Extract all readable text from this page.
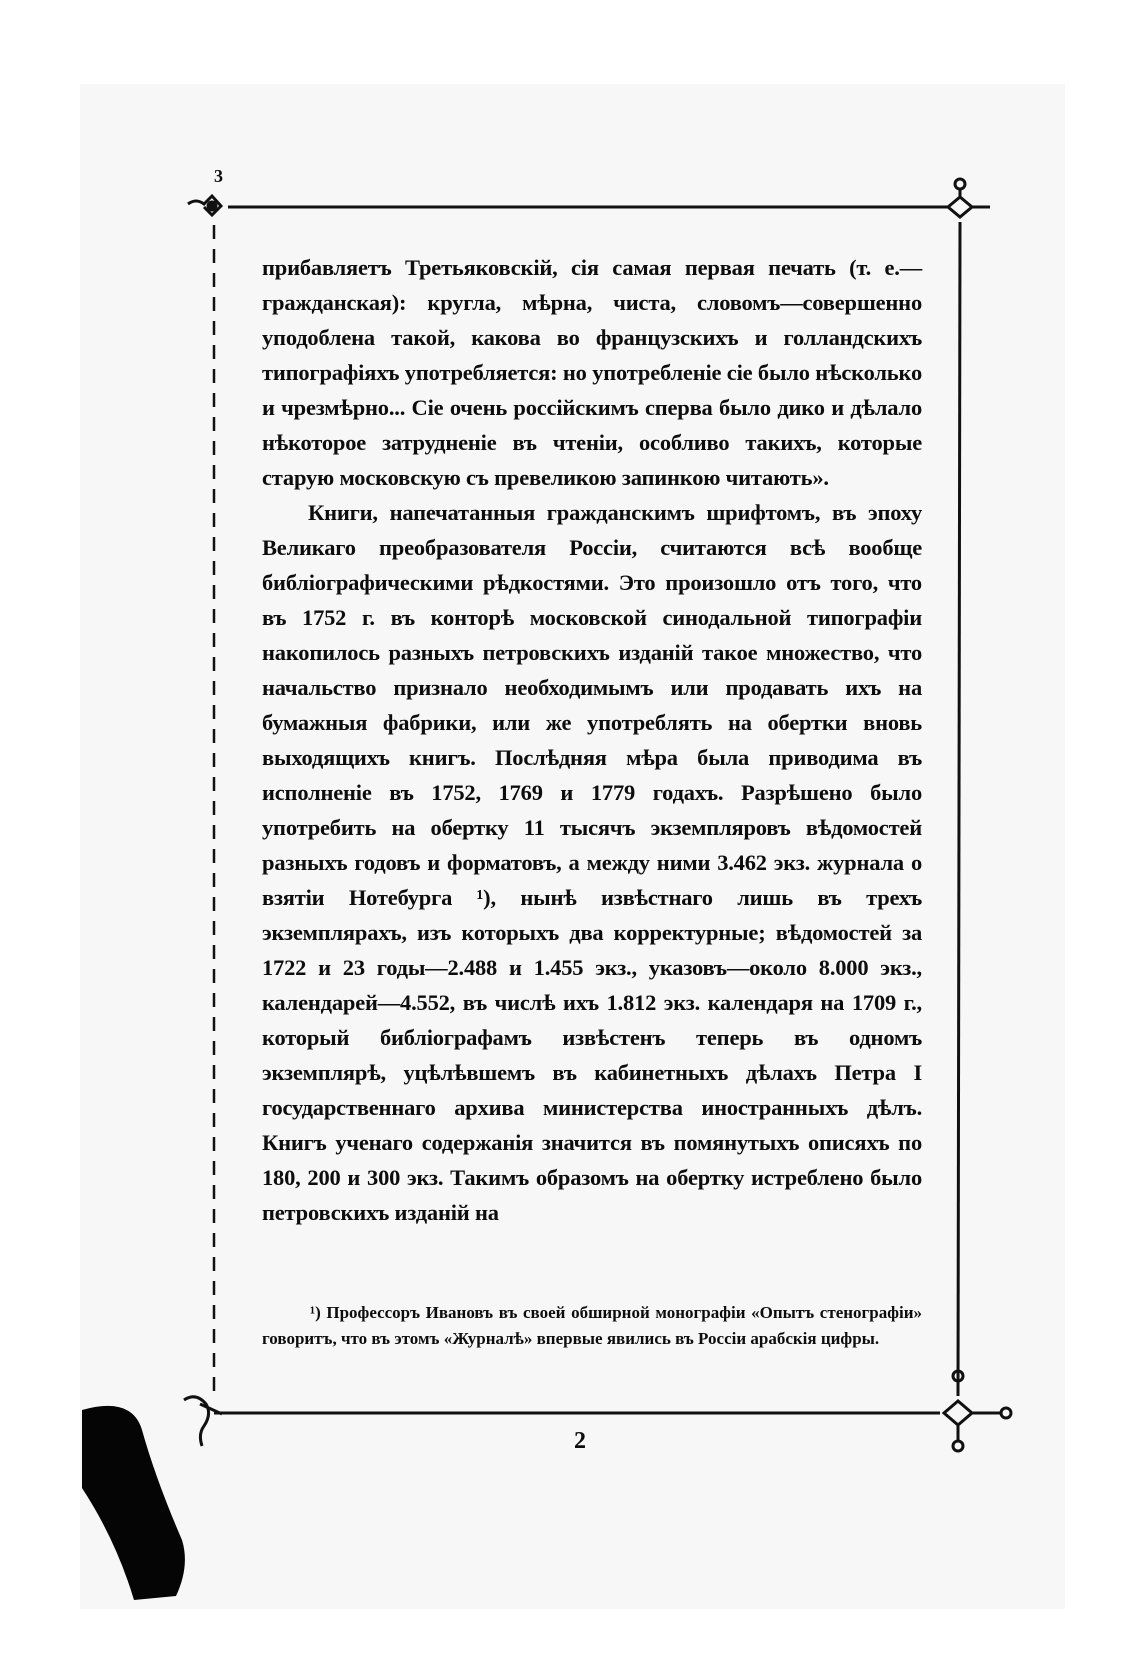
3

прибавляетъ Третьяковскій, сія самая первая печать (т. е.— гражданская): кругла, мѣрна, чиста, словомъ—совершенно уподоблена такой, какова во французскихъ и голландскихъ типографіяхъ употребляется: но употребленіе сіе было нѣсколько и чрезмѣрно... Сіе очень россійскимъ сперва было дико и дѣлало нѣкоторое затрудненіе въ чтеніи, особливо такихъ, которые старую московскую съ превеликою запинкою читають».

Книги, напечатанныя гражданскимъ шрифтомъ, въ эпоху Великаго преобразователя Россіи, считаются всѣ вообще библіографическими рѣдкостями. Это произошло отъ того, что въ 1752 г. въ конторѣ московской синодальной типографіи накопилось разныхъ петровскихъ изданій такое множество, что начальство признало необходимымъ или продавать ихъ на бумажныя фабрики, или же употреблять на обертки вновь выходящихъ книгъ. Послѣдняя мѣра была приводима въ исполненіе въ 1752, 1769 и 1779 годахъ. Разрѣшено было употребить на обертку 11 тысячъ экземпляровъ вѣдомостей разныхъ годовъ и форматовъ, а между ними 3.462 экз. журнала о взятіи Нотебурга ¹), нынѣ извѣстнаго лишь въ трехъ экземплярахъ, изъ которыхъ два корректурные; вѣдомостей за 1722 и 23 годы—2.488 и 1.455 экз., указовъ—около 8.000 экз., календарей—4.552, въ числѣ ихъ 1.812 экз. календаря на 1709 г., который библіографамъ извѣстенъ теперь въ одномъ экземплярѣ, уцѣлѣвшемъ въ кабинетныхъ дѣлахъ Петра I государственнаго архива министерства иностранныхъ дѣлъ. Книгъ ученаго содержанія значится въ помянутыхъ описяхъ по 180, 200 и 300 экз. Такимъ образомъ на обертку истреблено было петровскихъ изданій на

¹) Профессоръ Ивановъ въ своей обширной монографіи «Опытъ стенографіи» говоритъ, что въ этомъ «Журналѣ» впервые явились въ Россіи арабскія цифры.
2
